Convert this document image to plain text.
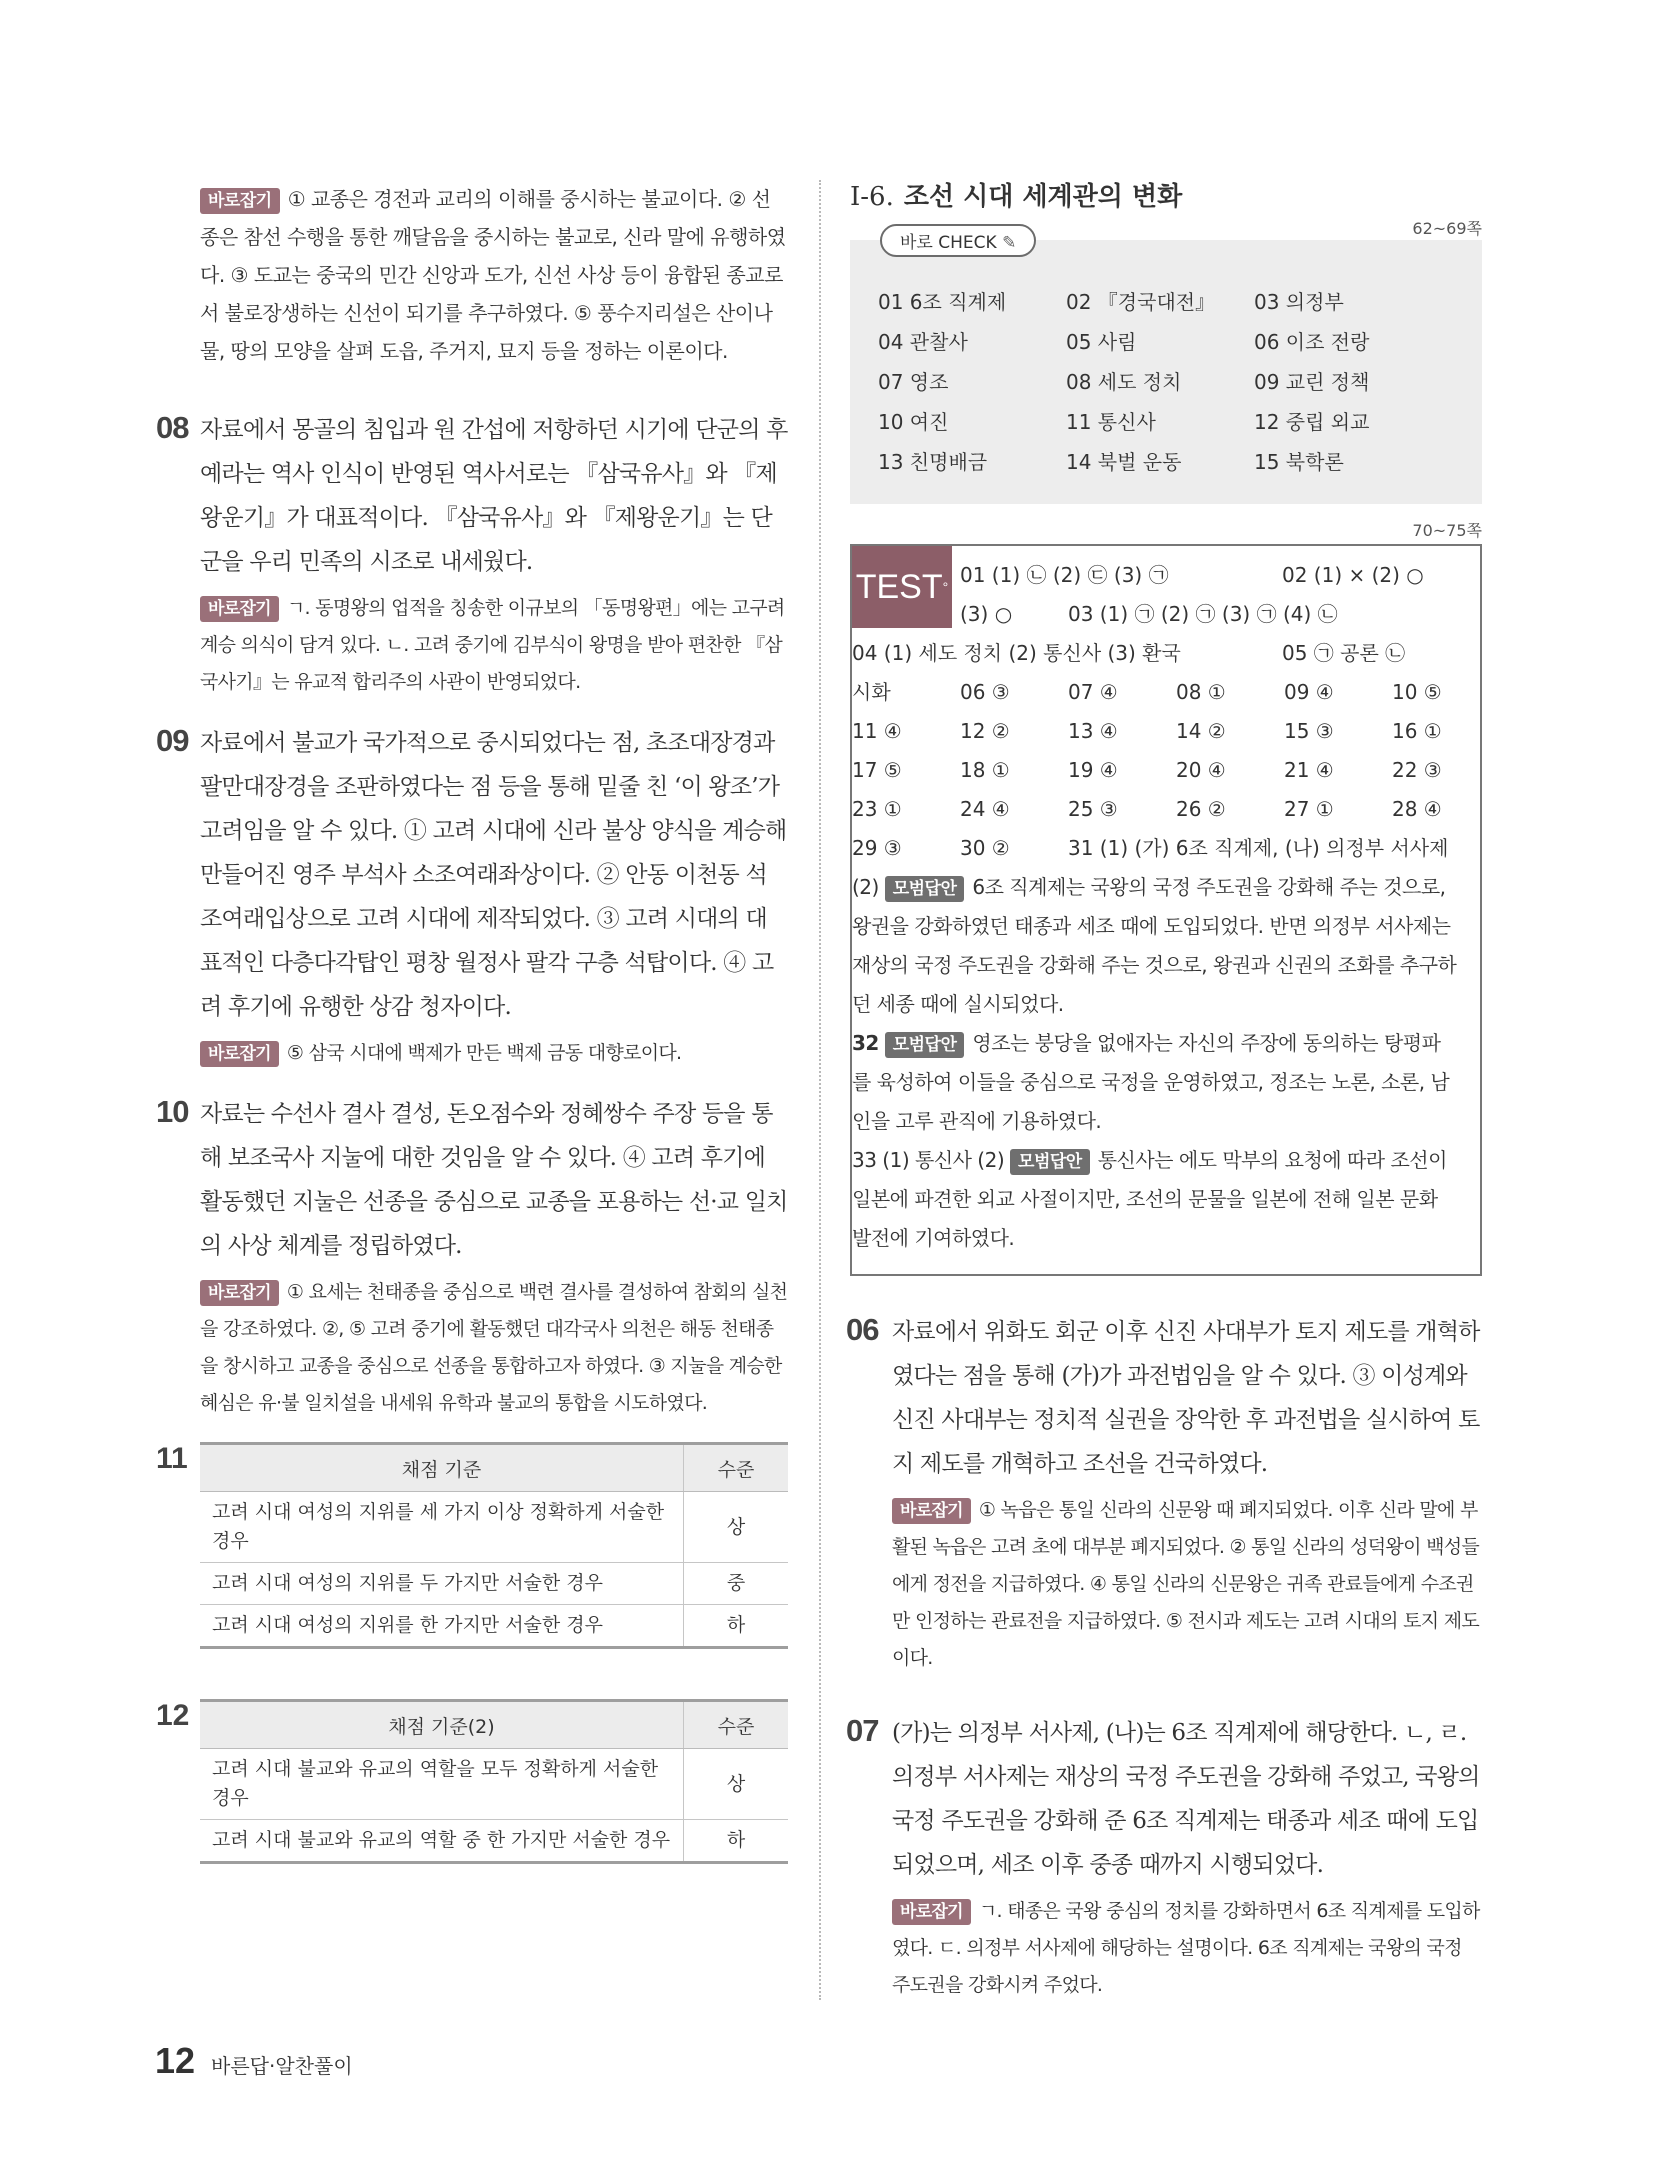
바로잡기 ① 교종은 경전과 교리의 이해를 중시하는 불교이다. ② 선종은 참선 수행을 통한 깨달음을 중시하는 불교로, 신라 말에 유행하였다. ③ 도교는 중국의 민간 신앙과 도가, 신선 사상 등이 융합된 종교로서 불로장생하는 신선이 되기를 추구하였다. ⑤ 풍수지리설은 산이나 물, 땅의 모양을 살펴 도읍, 주거지, 묘지 등을 정하는 이론이다.
08 자료에서 몽골의 침입과 원 간섭에 저항하던 시기에 단군의 후예라는 역사 인식이 반영된 역사서로는 『삼국유사』와 『제왕운기』가 대표적이다. 『삼국유사』와 『제왕운기』는 단군을 우리 민족의 시조로 내세웠다.
바로잡기 ㄱ. 동명왕의 업적을 칭송한 이규보의 「동명왕편」에는 고구려 계승 의식이 담겨 있다. ㄴ. 고려 중기에 김부식이 왕명을 받아 편찬한 『삼국사기』는 유교적 합리주의 사관이 반영되었다.
09 자료에서 불교가 국가적으로 중시되었다는 점, 초조대장경과 팔만대장경을 조판하였다는 점 등을 통해 밑줄 친 ‘이 왕조’가 고려임을 알 수 있다. ① 고려 시대에 신라 불상 양식을 계승해 만들어진 영주 부석사 소조여래좌상이다. ② 안동 이천동 석조여래입상으로 고려 시대에 제작되었다. ③ 고려 시대의 대표적인 다층다각탑인 평창 월정사 팔각 구층 석탑이다. ④ 고려 후기에 유행한 상감 청자이다.
바로잡기 ⑤ 삼국 시대에 백제가 만든 백제 금동 대향로이다.
10 자료는 수선사 결사 결성, 돈오점수와 정혜쌍수 주장 등을 통해 보조국사 지눌에 대한 것임을 알 수 있다. ④ 고려 후기에 활동했던 지눌은 선종을 중심으로 교종을 포용하는 선·교 일치의 사상 체계를 정립하였다.
바로잡기 ① 요세는 천태종을 중심으로 백련 결사를 결성하여 참회의 실천을 강조하였다. ②, ⑤ 고려 중기에 활동했던 대각국사 의천은 해동 천태종을 창시하고 교종을 중심으로 선종을 통합하고자 하였다. ③ 지눌을 계승한 혜심은 유·불 일치설을 내세워 유학과 불교의 통합을 시도하였다.
11	채점 기준	수준
고려 시대 여성의 지위를 세 가지 이상 정확하게 서술한 경우	상
고려 시대 여성의 지위를 두 가지만 서술한 경우	중
고려 시대 여성의 지위를 한 가지만 서술한 경우	하
12	채점 기준(2)	수준
고려 시대 불교와 유교의 역할을 모두 정확하게 서술한 경우	상
고려 시대 불교와 유교의 역할 중 한 가지만 서술한 경우	하
Ⅰ-6. 조선 시대 세계관의 변화
62~69쪽
바로 CHECK ✎
01 6조 직계제	02 『경국대전』	03 의정부
04 관찰사	05 사림	06 이조 전랑
07 영조	08 세도 정치	09 교린 정책
10 여진	11 통신사	12 중립 외교
13 친명배금	14 북벌 운동	15 북학론
70~75쪽
TEST ° 01 (1) ㉡ (2) ㉢ (3) ㉠	02 (1) × (2) ○
(3) ○	03 (1) ㉠ (2) ㉠ (3) ㉠ (4) ㉡
04 (1) 세도 정치 (2) 통신사 (3) 환국	05 ㉠ 공론 ㉡
시화	06 ③	07 ④	08 ①	09 ④	10 ⑤
11 ④	12 ②	13 ④	14 ②	15 ③	16 ①
17 ⑤	18 ①	19 ④	20 ④	21 ④	22 ③
23 ①	24 ④	25 ③	26 ②	27 ①	28 ④
29 ③	30 ②	31 (1) (가) 6조 직계제, (나) 의정부 서사제
(2) 모범답안 6조 직계제는 국왕의 국정 주도권을 강화해 주는 것으로, 왕권을 강화하였던 태종과 세조 때에 도입되었다. 반면 의정부 서사제는 재상의 국정 주도권을 강화해 주는 것으로, 왕권과 신권의 조화를 추구하던 세종 때에 실시되었다.
32 모범답안 영조는 붕당을 없애자는 자신의 주장에 동의하는 탕평파를 육성하여 이들을 중심으로 국정을 운영하였고, 정조는 노론, 소론, 남인을 고루 관직에 기용하였다.
33 (1) 통신사 (2) 모범답안 통신사는 에도 막부의 요청에 따라 조선이 일본에 파견한 외교 사절이지만, 조선의 문물을 일본에 전해 일본 문화 발전에 기여하였다.
06 자료에서 위화도 회군 이후 신진 사대부가 토지 제도를 개혁하였다는 점을 통해 (가)가 과전법임을 알 수 있다. ③ 이성계와 신진 사대부는 정치적 실권을 장악한 후 과전법을 실시하여 토지 제도를 개혁하고 조선을 건국하였다.
바로잡기 ① 녹읍은 통일 신라의 신문왕 때 폐지되었다. 이후 신라 말에 부활된 녹읍은 고려 초에 대부분 폐지되었다. ② 통일 신라의 성덕왕이 백성들에게 정전을 지급하였다. ④ 통일 신라의 신문왕은 귀족 관료들에게 수조권만 인정하는 관료전을 지급하였다. ⑤ 전시과 제도는 고려 시대의 토지 제도이다.
07 (가)는 의정부 서사제, (나)는 6조 직계제에 해당한다. ㄴ, ㄹ. 의정부 서사제는 재상의 국정 주도권을 강화해 주었고, 국왕의 국정 주도권을 강화해 준 6조 직계제는 태종과 세조 때에 도입되었으며, 세조 이후 중종 때까지 시행되었다.
바로잡기 ㄱ. 태종은 국왕 중심의 정치를 강화하면서 6조 직계제를 도입하였다. ㄷ. 의정부 서사제에 해당하는 설명이다. 6조 직계제는 국왕의 국정 주도권을 강화시켜 주었다.
12 바른답·알찬풀이
